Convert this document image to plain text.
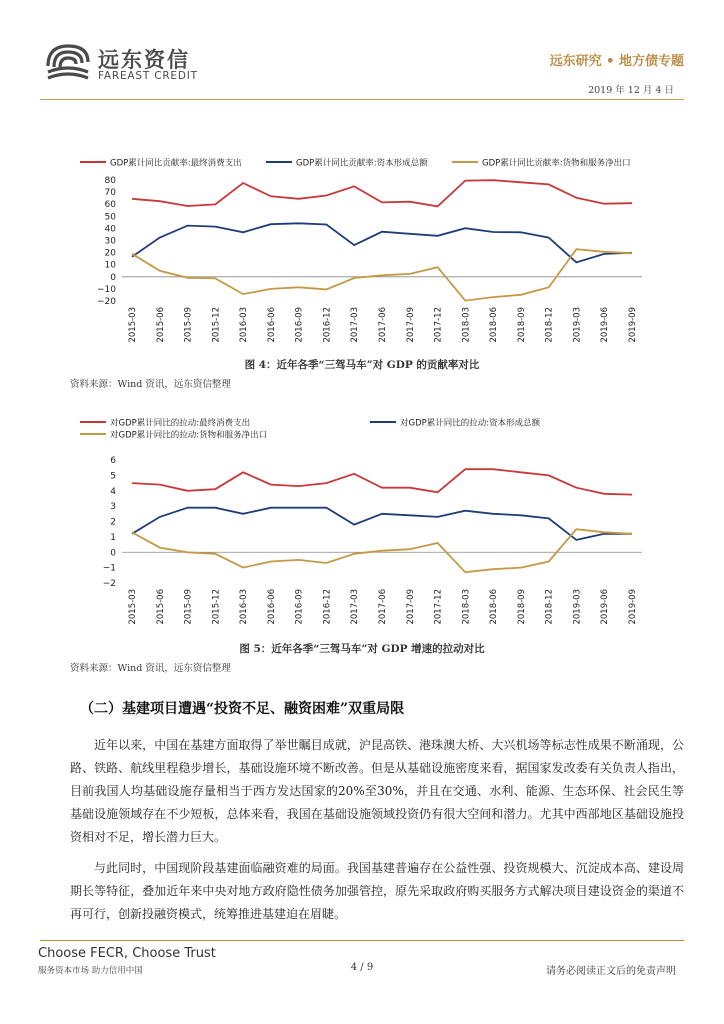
远东资信
FAREAST CREDIT
远东研究 • 地方债专题
2019 年 12 月 4 日
GDP累计同比贡献率:最终消费支出	GDP累计同比贡献率:资本形成总额	GDP累计同比贡献率:货物和服务净出口
80
70
60
50
40
30
20
10
0
−10
−20
2015-03 2015-06 2015-09 2015-12 2016-03 2016-06 2016-09 2016-12 2017-03 2017-06 2017-09 2017-12 2018-03 2018-06 2018-09 2018-12 2019-03 2019-06 2019-09
图 4：近年各季“三驾马车”对 GDP 的贡献率对比
资料来源：Wind 资讯，远东资信整理
对GDP累计同比的拉动:最终消费支出	对GDP累计同比的拉动:资本形成总额
对GDP累计同比的拉动:货物和服务净出口
6
5
4
3
2
1
0
−1
−2
2015-03 2015-06 2015-09 2015-12 2016-03 2016-06 2016-09 2016-12 2017-03 2017-06 2017-09 2017-12 2018-03 2018-06 2018-09 2018-12 2019-03 2019-06 2019-09
图 5：近年各季“三驾马车”对 GDP 增速的拉动对比
资料来源：Wind 资讯，远东资信整理
（二）基建项目遭遇“投资不足、融资困难”双重局限
近年以来，中国在基建方面取得了举世瞩目成就，沪昆高铁、港珠澳大桥、大兴机场等标志性成果不断涌现，公路、铁路、航线里程稳步增长，基础设施环境不断改善。但是从基础设施密度来看，据国家发改委有关负责人指出，目前我国人均基础设施存量相当于西方发达国家的20%至30%，并且在交通、水利、能源、生态环保、社会民生等基础设施领域存在不少短板，总体来看，我国在基础设施领域投资仍有很大空间和潜力。尤其中西部地区基础设施投资相对不足，增长潜力巨大。
与此同时，中国现阶段基建面临融资难的局面。我国基建普遍存在公益性强、投资规模大、沉淀成本高、建设周期长等特征，叠加近年来中央对地方政府隐性债务加强管控，原先采取政府购买服务方式解决项目建设资金的渠道不再可行，创新投融资模式，统筹推进基建迫在眉睫。
Choose FECR, Choose Trust
服务资本市场 助力信用中国	4 / 9	请务必阅读正文后的免责声明
